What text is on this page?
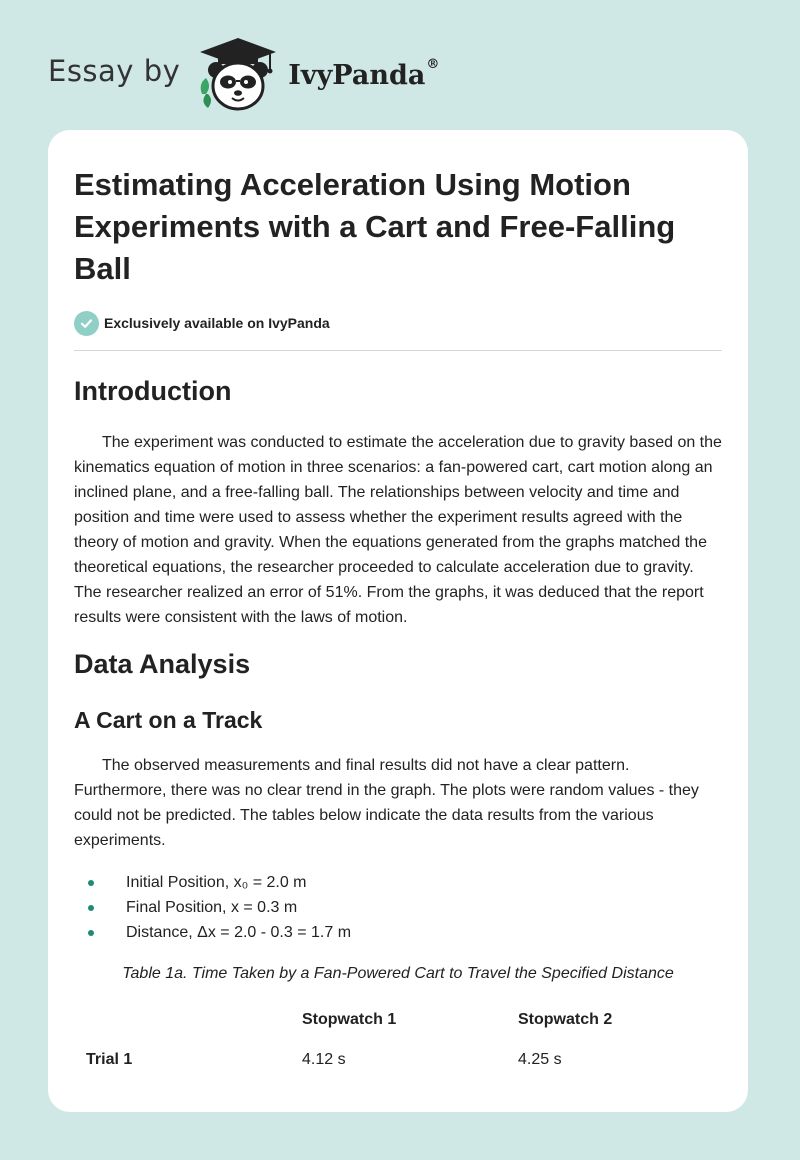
Essay by	IvyPanda®
Estimating Acceleration Using Motion Experiments with a Cart and Free-Falling Ball
Exclusively available on IvyPanda
Introduction

The experiment was conducted to estimate the acceleration due to gravity based on the kinematics equation of motion in three scenarios: a fan-powered cart, cart motion along an inclined plane, and a free-falling ball. The relationships between velocity and time and position and time were used to assess whether the experiment results agreed with the theory of motion and gravity. When the equations generated from the graphs matched the theoretical equations, the researcher proceeded to calculate acceleration due to gravity. The researcher realized an error of 51%. From the graphs, it was deduced that the report results were consistent with the laws of motion.

Data Analysis
A Cart on a Track

The observed measurements and final results did not have a clear pattern. Furthermore, there was no clear trend in the graph. The plots were random values - they could not be predicted. The tables below indicate the data results from the various experiments.

Initial Position, x₀ = 2.0 m
Final Position, x = 0.3 m
Distance, Δx = 2.0 - 0.3 = 1.7 m
Table 1a. Time Taken by a Fan-Powered Cart to Travel the Specified Distance
	Stopwatch 1	Stopwatch 2
Trial 1	4.12 s	4.25 s
